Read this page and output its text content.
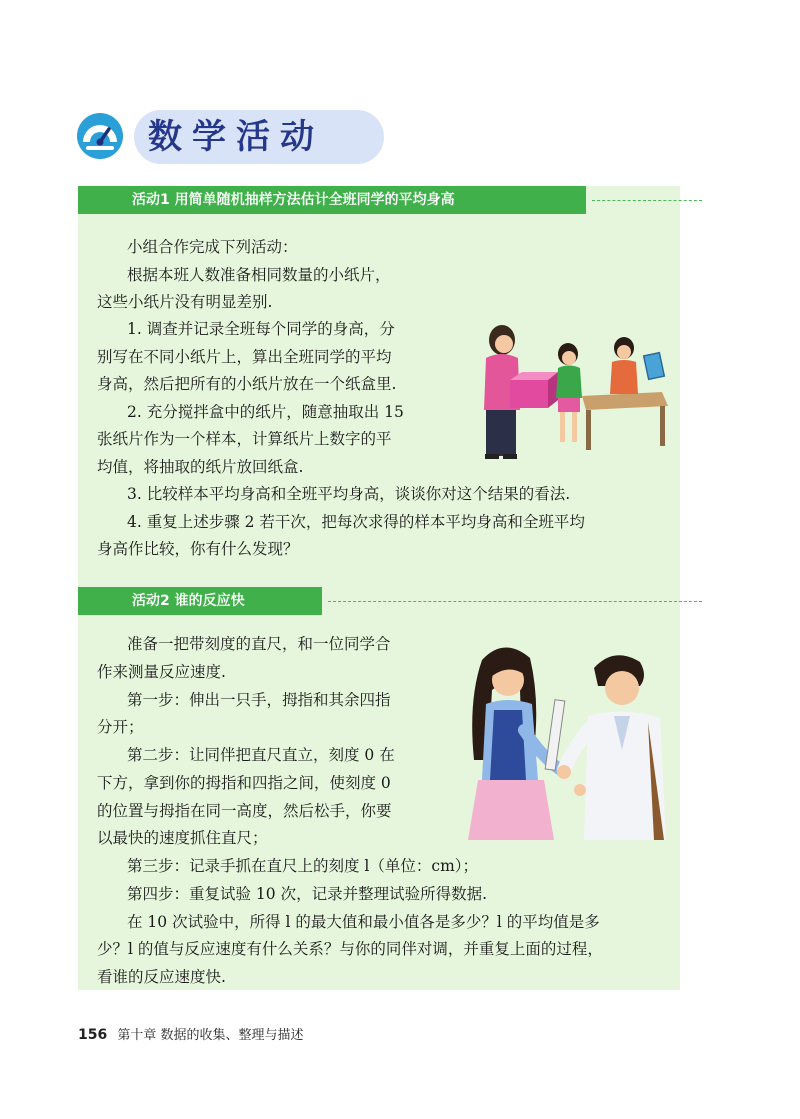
数学活动
活动1 用简单随机抽样方法估计全班同学的平均身高
小组合作完成下列活动：
根据本班人数准备相同数量的小纸片，
这些小纸片没有明显差别.
1. 调查并记录全班每个同学的身高，分
别写在不同小纸片上，算出全班同学的平均
身高，然后把所有的小纸片放在一个纸盒里.
2. 充分搅拌盒中的纸片，随意抽取出 15
张纸片作为一个样本，计算纸片上数字的平
均值，将抽取的纸片放回纸盒.
3. 比较样本平均身高和全班平均身高，谈谈你对这个结果的看法.
4. 重复上述步骤 2 若干次，把每次求得的样本平均身高和全班平均
身高作比较，你有什么发现？
活动2 谁的反应快
准备一把带刻度的直尺，和一位同学合
作来测量反应速度.
第一步：伸出一只手，拇指和其余四指
分开；
第二步：让同伴把直尺直立，刻度 0 在
下方，拿到你的拇指和四指之间，使刻度 0
的位置与拇指在同一高度，然后松手，你要
以最快的速度抓住直尺；
第三步：记录手抓在直尺上的刻度 l（单位：cm）；
第四步：重复试验 10 次，记录并整理试验所得数据.
在 10 次试验中，所得 l 的最大值和最小值各是多少？l 的平均值是多
少？l 的值与反应速度有什么关系？与你的同伴对调，并重复上面的过程，
看谁的反应速度快.
156 第十章 数据的收集、整理与描述
